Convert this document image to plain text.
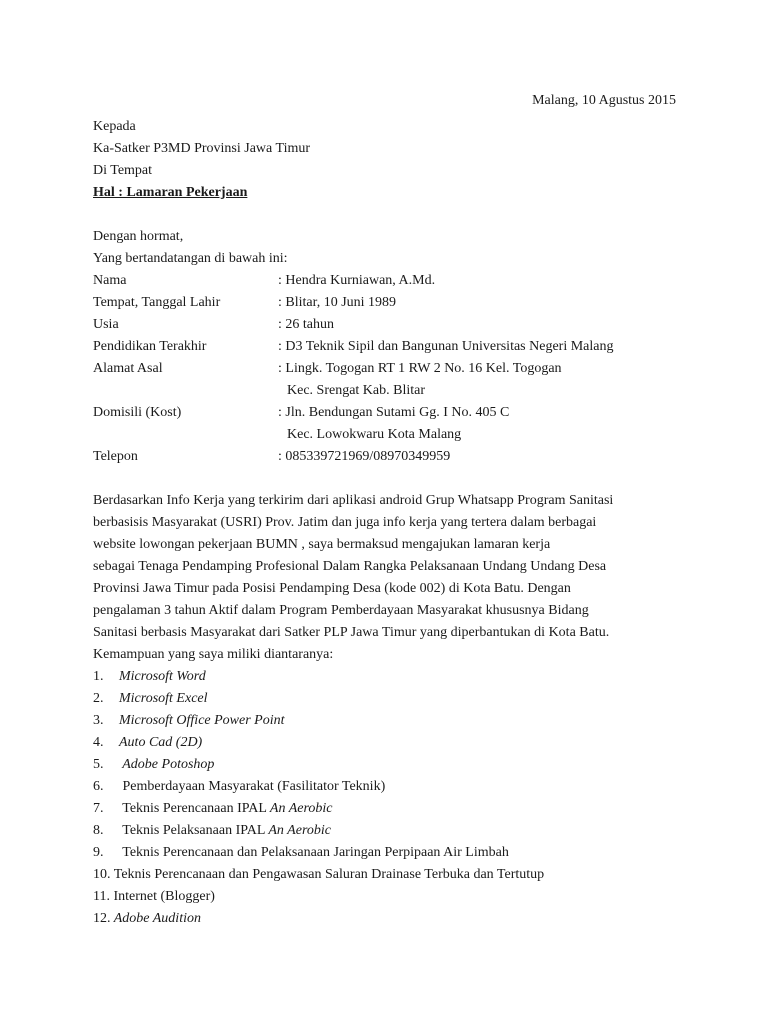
Malang, 10 Agustus 2015
Kepada
Ka-Satker P3MD Provinsi Jawa Timur
Di Tempat
Hal : Lamaran Pekerjaan
Dengan hormat,
Yang bertandatangan di bawah ini:
Nama	: Hendra Kurniawan, A.Md.
Tempat, Tanggal Lahir	: Blitar, 10 Juni 1989
Usia	: 26 tahun
Pendidikan Terakhir	: D3 Teknik Sipil dan Bangunan Universitas Negeri Malang
Alamat Asal	: Lingk. Togogan RT 1 RW 2 No. 16 Kel. Togogan
Kec. Srengat Kab. Blitar
Domisili (Kost)	: Jln. Bendungan Sutami Gg. I No. 405 C
Kec. Lowokwaru Kota Malang
Telepon	: 085339721969/08970349959

Berdasarkan Info Kerja yang terkirim dari aplikasi android Grup Whatsapp Program Sanitasi

berbasisis Masyarakat (USRI) Prov. Jatim dan juga info kerja yang tertera dalam berbagai

website lowongan pekerjaan BUMN , saya bermaksud mengajukan lamaran kerja

sebagai Tenaga Pendamping Profesional Dalam Rangka Pelaksanaan Undang Undang Desa

Provinsi Jawa Timur pada Posisi Pendamping Desa (kode 002) di Kota Batu. Dengan

pengalaman 3 tahun Aktif dalam Program Pemberdayaan Masyarakat khususnya Bidang

Sanitasi berbasis Masyarakat dari Satker PLP Jawa Timur yang diperbantukan di Kota Batu.

Kemampuan yang saya miliki diantaranya:

1.	Microsoft Word
2.	Microsoft Excel
3.	Microsoft Office Power Point
4.	Auto Cad (2D)
5.	Adobe Potoshop
6.	Pemberdayaan Masyarakat (Fasilitator Teknik)
7.	Teknis Perencanaan IPAL An Aerobic
8.	Teknis Pelaksanaan IPAL An Aerobic
9.	Teknis Perencanaan dan Pelaksanaan Jaringan Perpipaan Air Limbah
10. Teknis Perencanaan dan Pengawasan Saluran Drainase Terbuka dan Tertutup
11. Internet (Blogger)
12. Adobe Audition
